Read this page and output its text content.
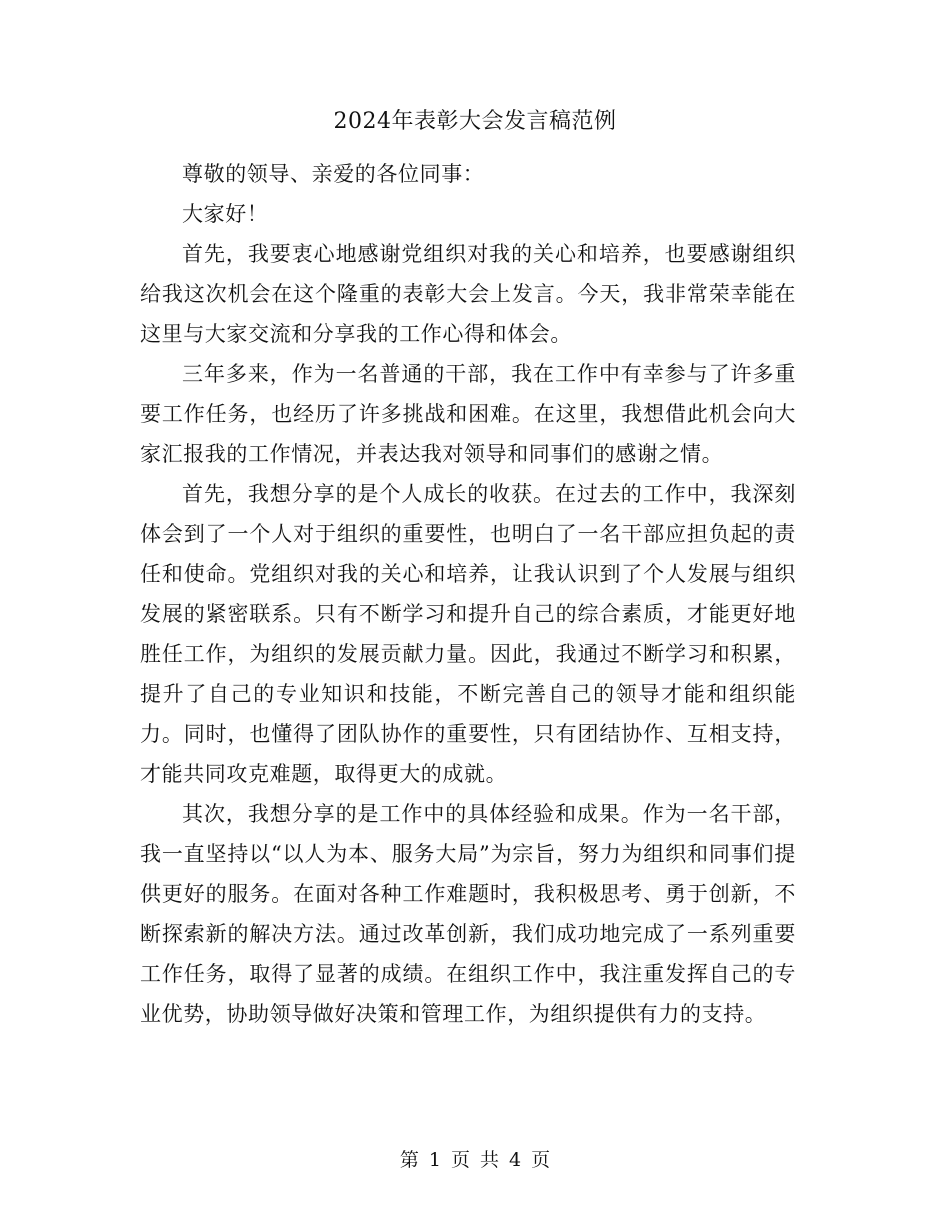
2024年表彰大会发言稿范例

尊敬的领导、亲爱的各位同事：

大家好！

首先，我要衷心地感谢党组织对我的关心和培养，也要感谢组织给我这次机会在这个隆重的表彰大会上发言。今天，我非常荣幸能在这里与大家交流和分享我的工作心得和体会。

三年多来，作为一名普通的干部，我在工作中有幸参与了许多重要工作任务，也经历了许多挑战和困难。在这里，我想借此机会向大家汇报我的工作情况，并表达我对领导和同事们的感谢之情。

首先，我想分享的是个人成长的收获。在过去的工作中，我深刻体会到了一个人对于组织的重要性，也明白了一名干部应担负起的责任和使命。党组织对我的关心和培养，让我认识到了个人发展与组织发展的紧密联系。只有不断学习和提升自己的综合素质，才能更好地胜任工作，为组织的发展贡献力量。因此，我通过不断学习和积累，提升了自己的专业知识和技能，不断完善自己的领导才能和组织能力。同时，也懂得了团队协作的重要性，只有团结协作、互相支持，才能共同攻克难题，取得更大的成就。

其次，我想分享的是工作中的具体经验和成果。作为一名干部，我一直坚持以“以人为本、服务大局”为宗旨，努力为组织和同事们提供更好的服务。在面对各种工作难题时，我积极思考、勇于创新，不断探索新的解决方法。通过改革创新，我们成功地完成了一系列重要工作任务，取得了显著的成绩。在组织工作中，我注重发挥自己的专业优势，协助领导做好决策和管理工作，为组织提供有力的支持。

第 1 页 共 4 页
